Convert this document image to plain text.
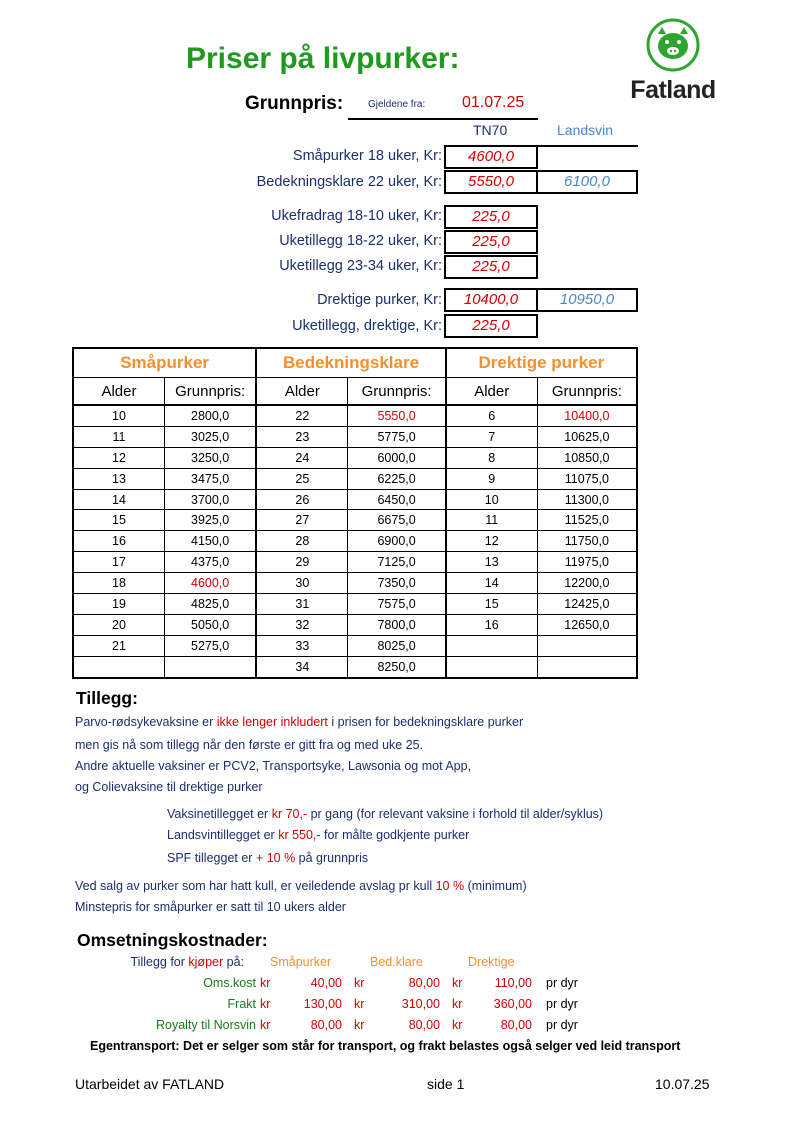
Priser på livpurker:
Fatland
Grunnpris: Gjeldene fra: 01.07.25
TN70	Landsvin
Småpurker 18 uker, Kr:	4600,0
Bedekningsklare 22 uker, Kr:	5550,0	6100,0
Ukefradrag 18-10 uker, Kr:	225,0
Uketillegg 18-22 uker, Kr:	225,0
Uketillegg 23-34 uker, Kr:	225,0
Drektige purker, Kr:	10400,0	10950,0
Uketillegg, drektige, Kr:	225,0
Småpurker		Bedekningsklare		Drektige purker	
Alder	Grunnpris:	Alder	Grunnpris:	Alder	Grunnpris:
10	2800,0	22	5550,0	6	10400,0
11	3025,0	23	5775,0	7	10625,0
12	3250,0	24	6000,0	8	10850,0
13	3475,0	25	6225,0	9	11075,0
14	3700,0	26	6450,0	10	11300,0
15	3925,0	27	6675,0	11	11525,0
16	4150,0	28	6900,0	12	11750,0
17	4375,0	29	7125,0	13	11975,0
18	4600,0	30	7350,0	14	12200,0
19	4825,0	31	7575,0	15	12425,0
20	5050,0	32	7800,0	16	12650,0
21	5275,0	33	8025,0		
		34	8250,0		
Tillegg:
Parvo-rødsykevaksine er ikke lenger inkludert i prisen for bedekningsklare purker
men gis nå som tillegg når den første er gitt fra og med uke 25.
Andre aktuelle vaksiner er PCV2, Transportsyke, Lawsonia og mot App,
og Colievaksine til drektige purker
Vaksinetillegget er kr 70,- pr gang (for relevant vaksine i forhold til alder/syklus)
Landsvintillegget er kr 550,- for målte godkjente purker
SPF tillegget er + 10 % på grunnpris
Ved salg av purker som har hatt kull, er veiledende avslag pr kull 10 % (minimum)
Minstepris for småpurker er satt til 10 ukers alder
Omsetningskostnader:
Tillegg for kjøper på:	Småpurker		Bed.klare		Drektige		
Oms.kost	kr	40,00	kr	80,00	kr	110,00	pr dyr
Frakt	kr	130,00	kr	310,00	kr	360,00	pr dyr
Royalty til Norsvin	kr	80,00	kr	80,00	kr	80,00	pr dyr
Egentransport: Det er selger som står for transport, og frakt belastes også selger ved leid transport
Utarbeidet av FATLAND	side 1	10.07.25
